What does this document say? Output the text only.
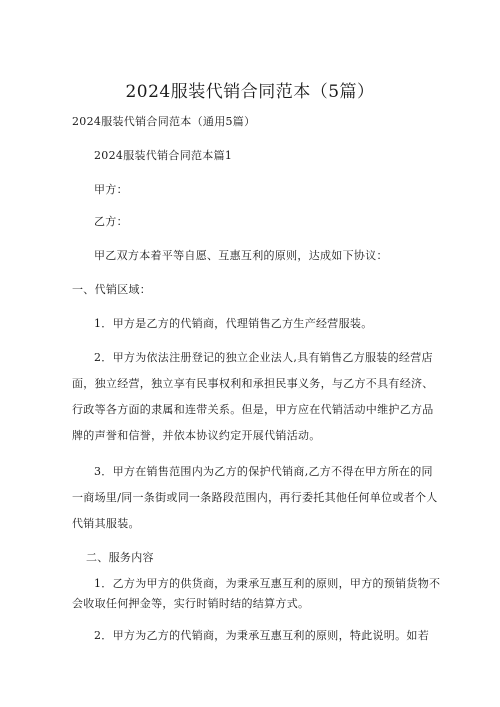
2024服装代销合同范本（5篇）
2024服装代销合同范本（通用5篇）
2024服装代销合同范本篇1
甲方：
乙方：
甲乙双方本着平等自愿、互惠互利的原则，达成如下协议：
一、代销区域：
1．甲方是乙方的代销商，代理销售乙方生产经营服装。
2．甲方为依法注册登记的独立企业法人,具有销售乙方服装的经营店
面，独立经营，独立享有民事权利和承担民事义务，与乙方不具有经济、
行政等各方面的隶属和连带关系。但是，甲方应在代销活动中维护乙方品
牌的声誉和信誉，并依本协议约定开展代销活动。
3．甲方在销售范围内为乙方的保护代销商,乙方不得在甲方所在的同
一商场里/同一条街或同一条路段范围内，再行委托其他任何单位或者个人
代销其服装。
二、服务内容
1．乙方为甲方的供货商，为秉承互惠互利的原则，甲方的预销货物不
会收取任何押金等，实行时销时结的结算方式。
2．甲方为乙方的代销商，为秉承互惠互利的原则，特此说明。如若
